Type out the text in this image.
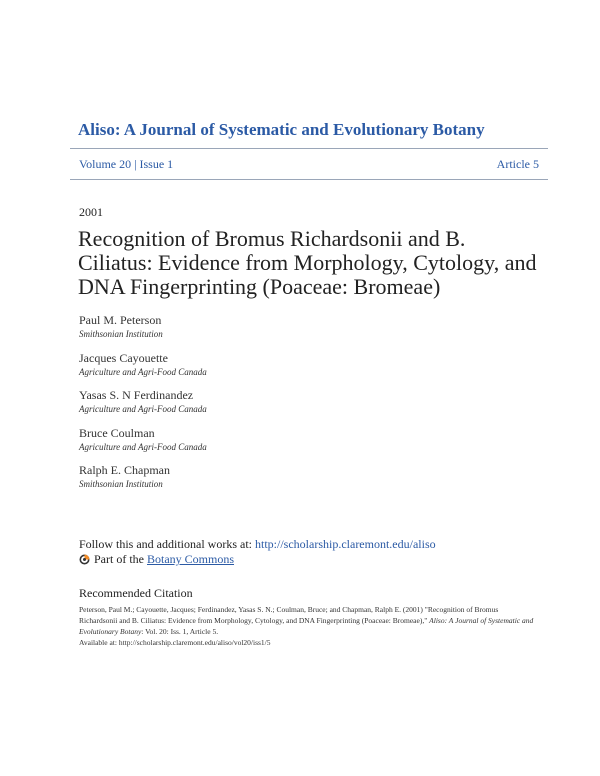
Aliso: A Journal of Systematic and Evolutionary Botany
Volume 20 | Issue 1	Article 5
2001
Recognition of Bromus Richardsonii and B. Ciliatus: Evidence from Morphology, Cytology, and DNA Fingerprinting (Poaceae: Bromeae)
Paul M. Peterson
Smithsonian Institution
Jacques Cayouette
Agriculture and Agri-Food Canada
Yasas S. N Ferdinandez
Agriculture and Agri-Food Canada
Bruce Coulman
Agriculture and Agri-Food Canada
Ralph E. Chapman
Smithsonian Institution
Follow this and additional works at: http://scholarship.claremont.edu/aliso
Part of the
Botany Commons
Recommended Citation
Peterson, Paul M.; Cayouette, Jacques; Ferdinandez, Yasas S. N.; Coulman, Bruce; and Chapman, Ralph E. (2001) "Recognition of Bromus Richardsonii and B. Ciliatus: Evidence from Morphology, Cytology, and DNA Fingerprinting (Poaceae: Bromeae)," Aliso: A Journal of Systematic and Evolutionary Botany: Vol. 20: Iss. 1, Article 5.
Available at: http://scholarship.claremont.edu/aliso/vol20/iss1/5
